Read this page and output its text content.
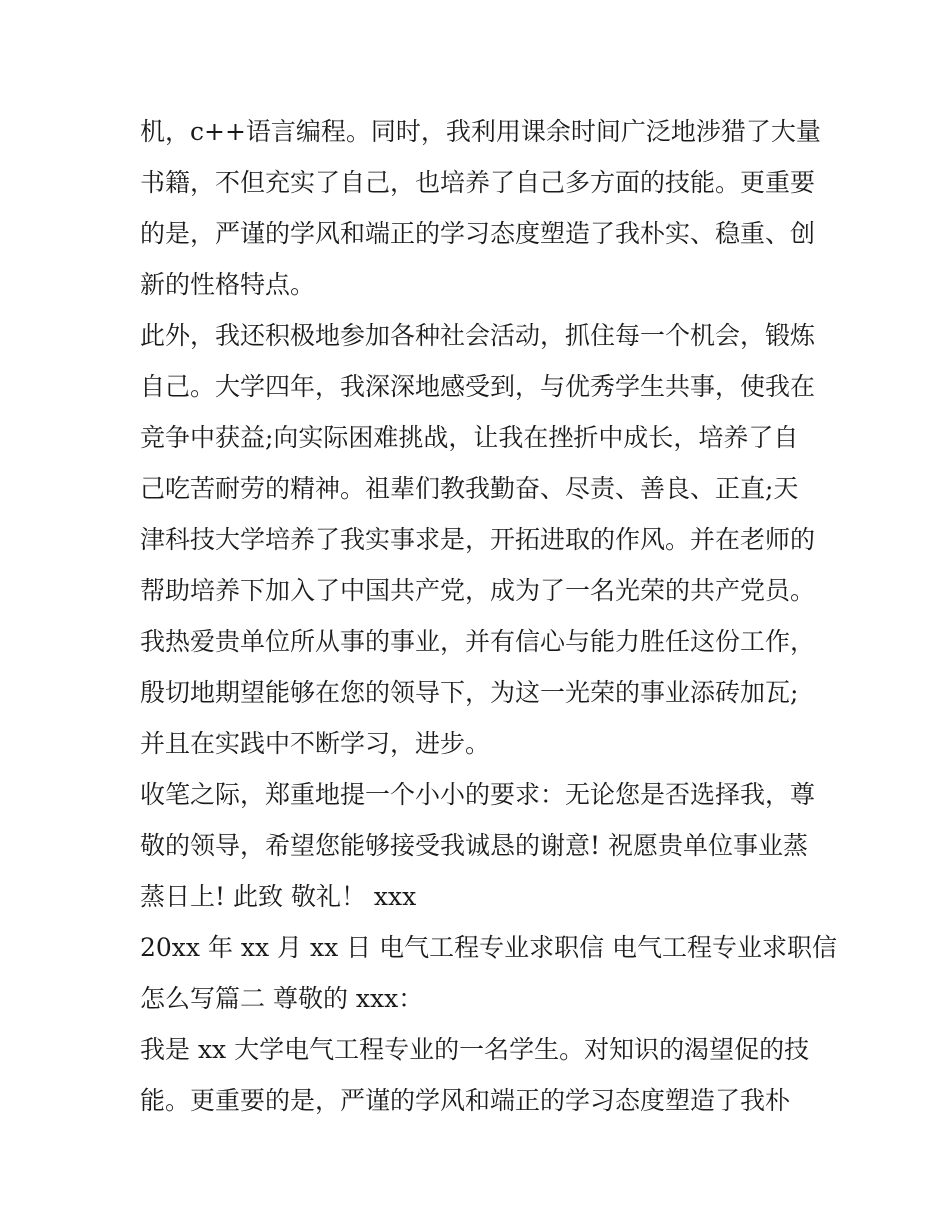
机，c++语言编程。同时，我利用课余时间广泛地涉猎了大量
书籍，不但充实了自己，也培养了自己多方面的技能。更重要
的是，严谨的学风和端正的学习态度塑造了我朴实、稳重、创
新的性格特点。
此外，我还积极地参加各种社会活动，抓住每一个机会，锻炼
自己。大学四年，我深深地感受到，与优秀学生共事，使我在
竞争中获益;向实际困难挑战，让我在挫折中成长，培养了自
己吃苦耐劳的精神。祖辈们教我勤奋、尽责、善良、正直;天
津科技大学培养了我实事求是，开拓进取的作风。并在老师的
帮助培养下加入了中国共产党，成为了一名光荣的共产党员。
我热爱贵单位所从事的事业，并有信心与能力胜任这份工作，
殷切地期望能够在您的领导下，为这一光荣的事业添砖加瓦;
并且在实践中不断学习，进步。
收笔之际，郑重地提一个小小的要求：无论您是否选择我，尊
敬的领导，希望您能够接受我诚恳的谢意! 祝愿贵单位事业蒸
蒸日上! 此致 敬礼！ xxx
20xx 年 xx 月 xx 日 电气工程专业求职信 电气工程专业求职信
怎么写篇二 尊敬的 xxx：
我是 xx 大学电气工程专业的一名学生。对知识的渴望促的技
能。更重要的是，严谨的学风和端正的学习态度塑造了我朴
